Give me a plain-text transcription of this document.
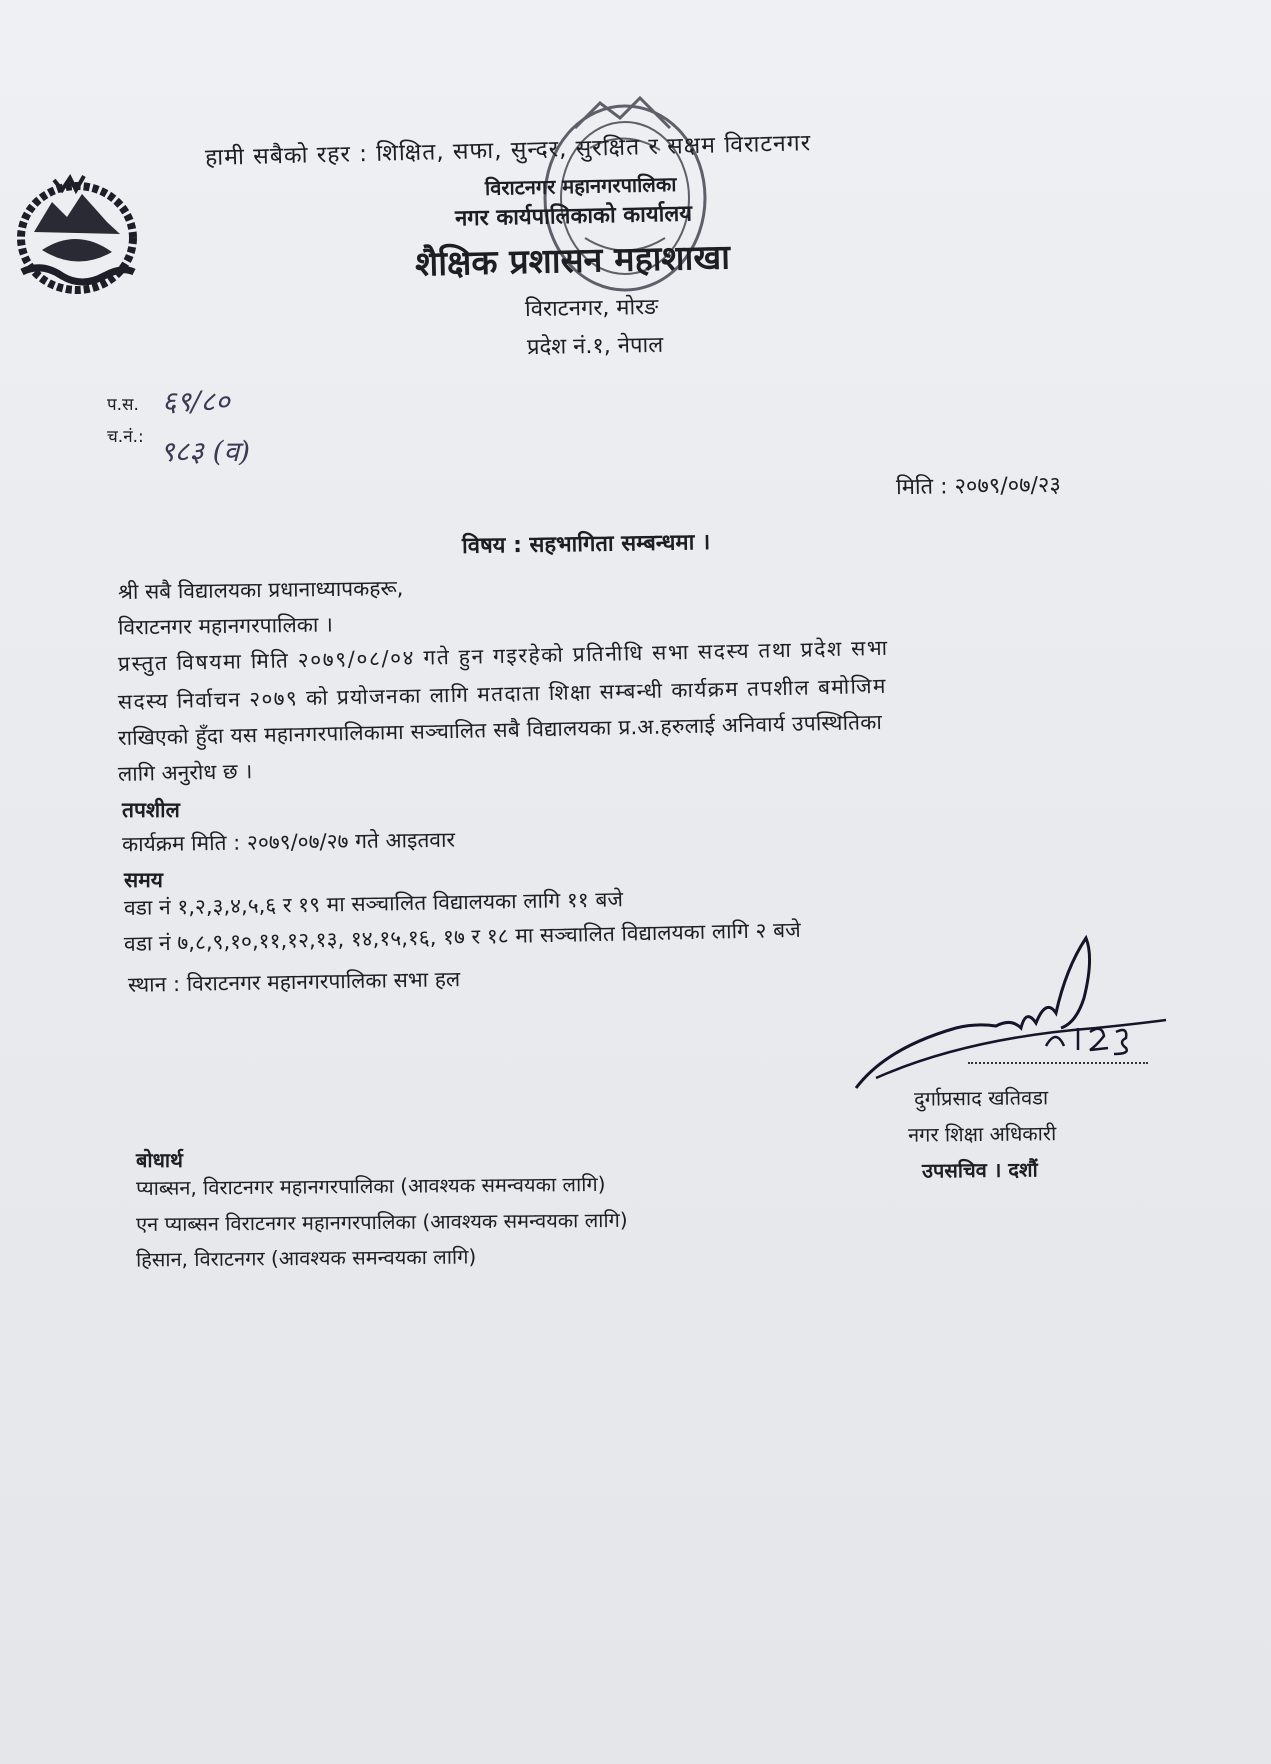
हामी सबैको रहर : शिक्षित, सफा, सुन्दर, सुरक्षित र सक्षम विराटनगर
विराटनगर महानगरपालिका
नगर कार्यपालिकाको कार्यालय
शैक्षिक प्रशासन महाशाखा
विराटनगर, मोरङ
प्रदेश नं.१, नेपाल
प.स. ६९/८०
च.नं.: ९८३ (व)
मिति : २०७९/०७/२३
विषय : सहभागिता सम्बन्धमा ।
श्री सबै विद्यालयका प्रधानाध्यापकहरू,
विराटनगर महानगरपालिका ।
प्रस्तुत विषयमा मिति २०७९/०८/०४ गते हुन गइरहेको प्रतिनीधि सभा सदस्य तथा प्रदेश सभा
सदस्य निर्वाचन २०७९ को प्रयोजनका लागि मतदाता शिक्षा सम्बन्धी कार्यक्रम तपशील बमोजिम
राखिएको हुँदा यस महानगरपालिकामा सञ्चालित सबै विद्यालयका प्र.अ.हरुलाई अनिवार्य उपस्थितिका
लागि अनुरोध छ ।
तपशील
कार्यक्रम मिति : २०७९/०७/२७ गते आइतवार
समय
वडा नं १,२,३,४,५,६ र १९ मा सञ्चालित विद्यालयका लागि ११ बजे
वडा नं ७,८,९,१०,११,१२,१३, १४,१५,१६, १७ र १८ मा सञ्चालित विद्यालयका लागि २ बजे
स्थान : विराटनगर महानगरपालिका सभा हल
दुर्गाप्रसाद खतिवडा
नगर शिक्षा अधिकारी
उपसचिव । दशौं
बोधार्थ
प्याब्सन, विराटनगर महानगरपालिका (आवश्यक समन्वयका लागि)
एन प्याब्सन विराटनगर महानगरपालिका (आवश्यक समन्वयका लागि)
हिसान, विराटनगर (आवश्यक समन्वयका लागि)
